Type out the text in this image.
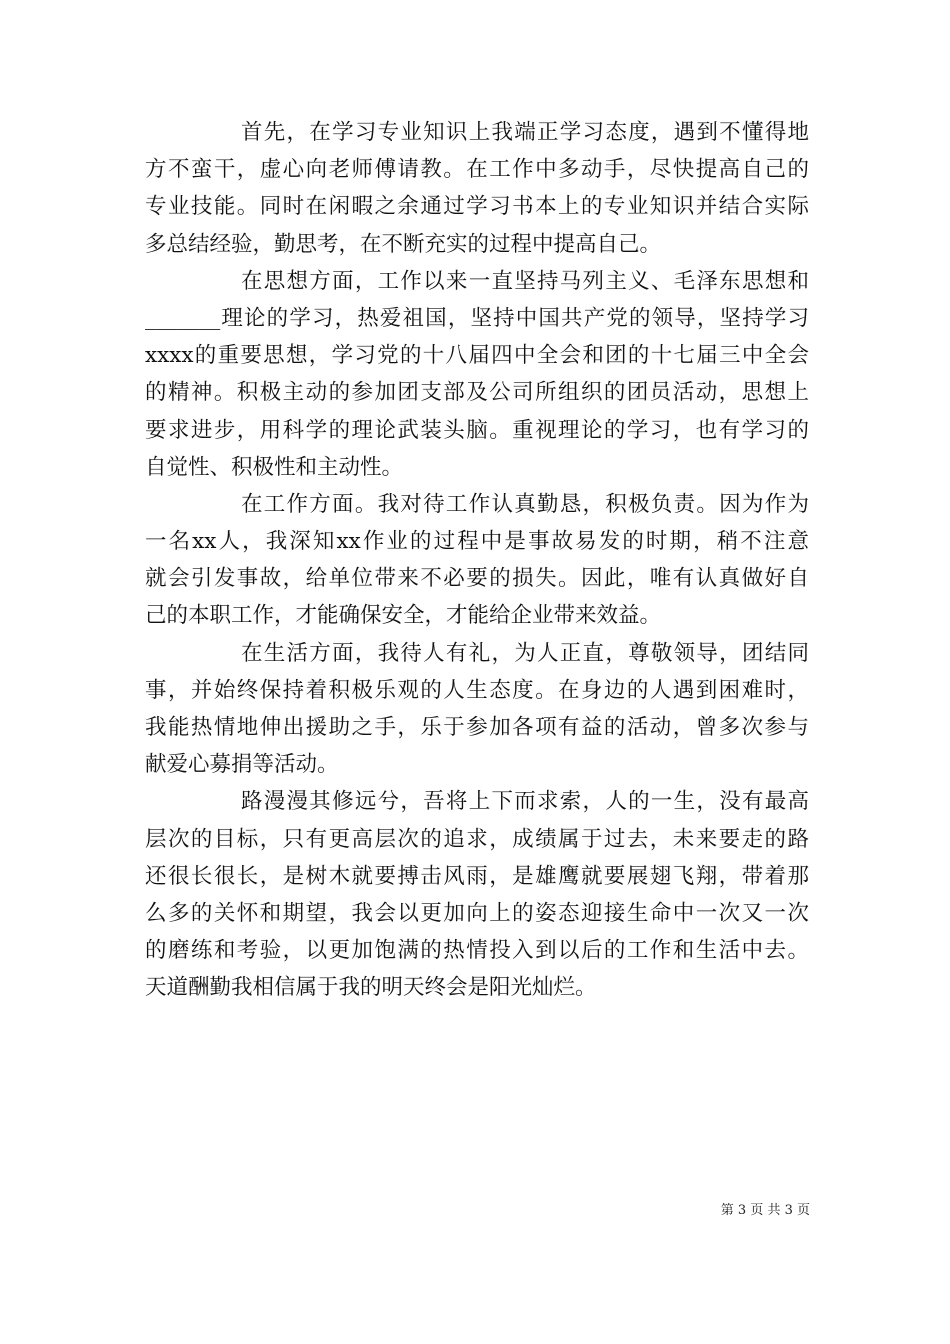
首先，在学习专业知识上我端正学习态度，遇到不懂得地
方不蛮干，虚心向老师傅请教。在工作中多动手，尽快提高自己的
专业技能。同时在闲暇之余通过学习书本上的专业知识并结合实际
多总结经验，勤思考，在不断充实的过程中提高自己。
在思想方面，工作以来一直坚持马列主义、毛泽东思想和
_______理论的学习，热爱祖国，坚持中国共产党的领导，坚持学习
xxxx的重要思想，学习党的十八届四中全会和团的十七届三中全会
的精神。积极主动的参加团支部及公司所组织的团员活动，思想上
要求进步，用科学的理论武装头脑。重视理论的学习，也有学习的
自觉性、积极性和主动性。
在工作方面。我对待工作认真勤恳，积极负责。因为作为
一名xx人，我深知xx作业的过程中是事故易发的时期，稍不注意
就会引发事故，给单位带来不必要的损失。因此，唯有认真做好自
己的本职工作，才能确保安全，才能给企业带来效益。
在生活方面，我待人有礼，为人正直，尊敬领导，团结同
事，并始终保持着积极乐观的人生态度。在身边的人遇到困难时，
我能热情地伸出援助之手，乐于参加各项有益的活动，曾多次参与
献爱心募捐等活动。
路漫漫其修远兮，吾将上下而求索，人的一生，没有最高
层次的目标，只有更高层次的追求，成绩属于过去，未来要走的路
还很长很长，是树木就要搏击风雨，是雄鹰就要展翅飞翔，带着那
么多的关怀和期望，我会以更加向上的姿态迎接生命中一次又一次
的磨练和考验，以更加饱满的热情投入到以后的工作和生活中去。
天道酬勤我相信属于我的明天终会是阳光灿烂。
第 3 页 共 3 页
